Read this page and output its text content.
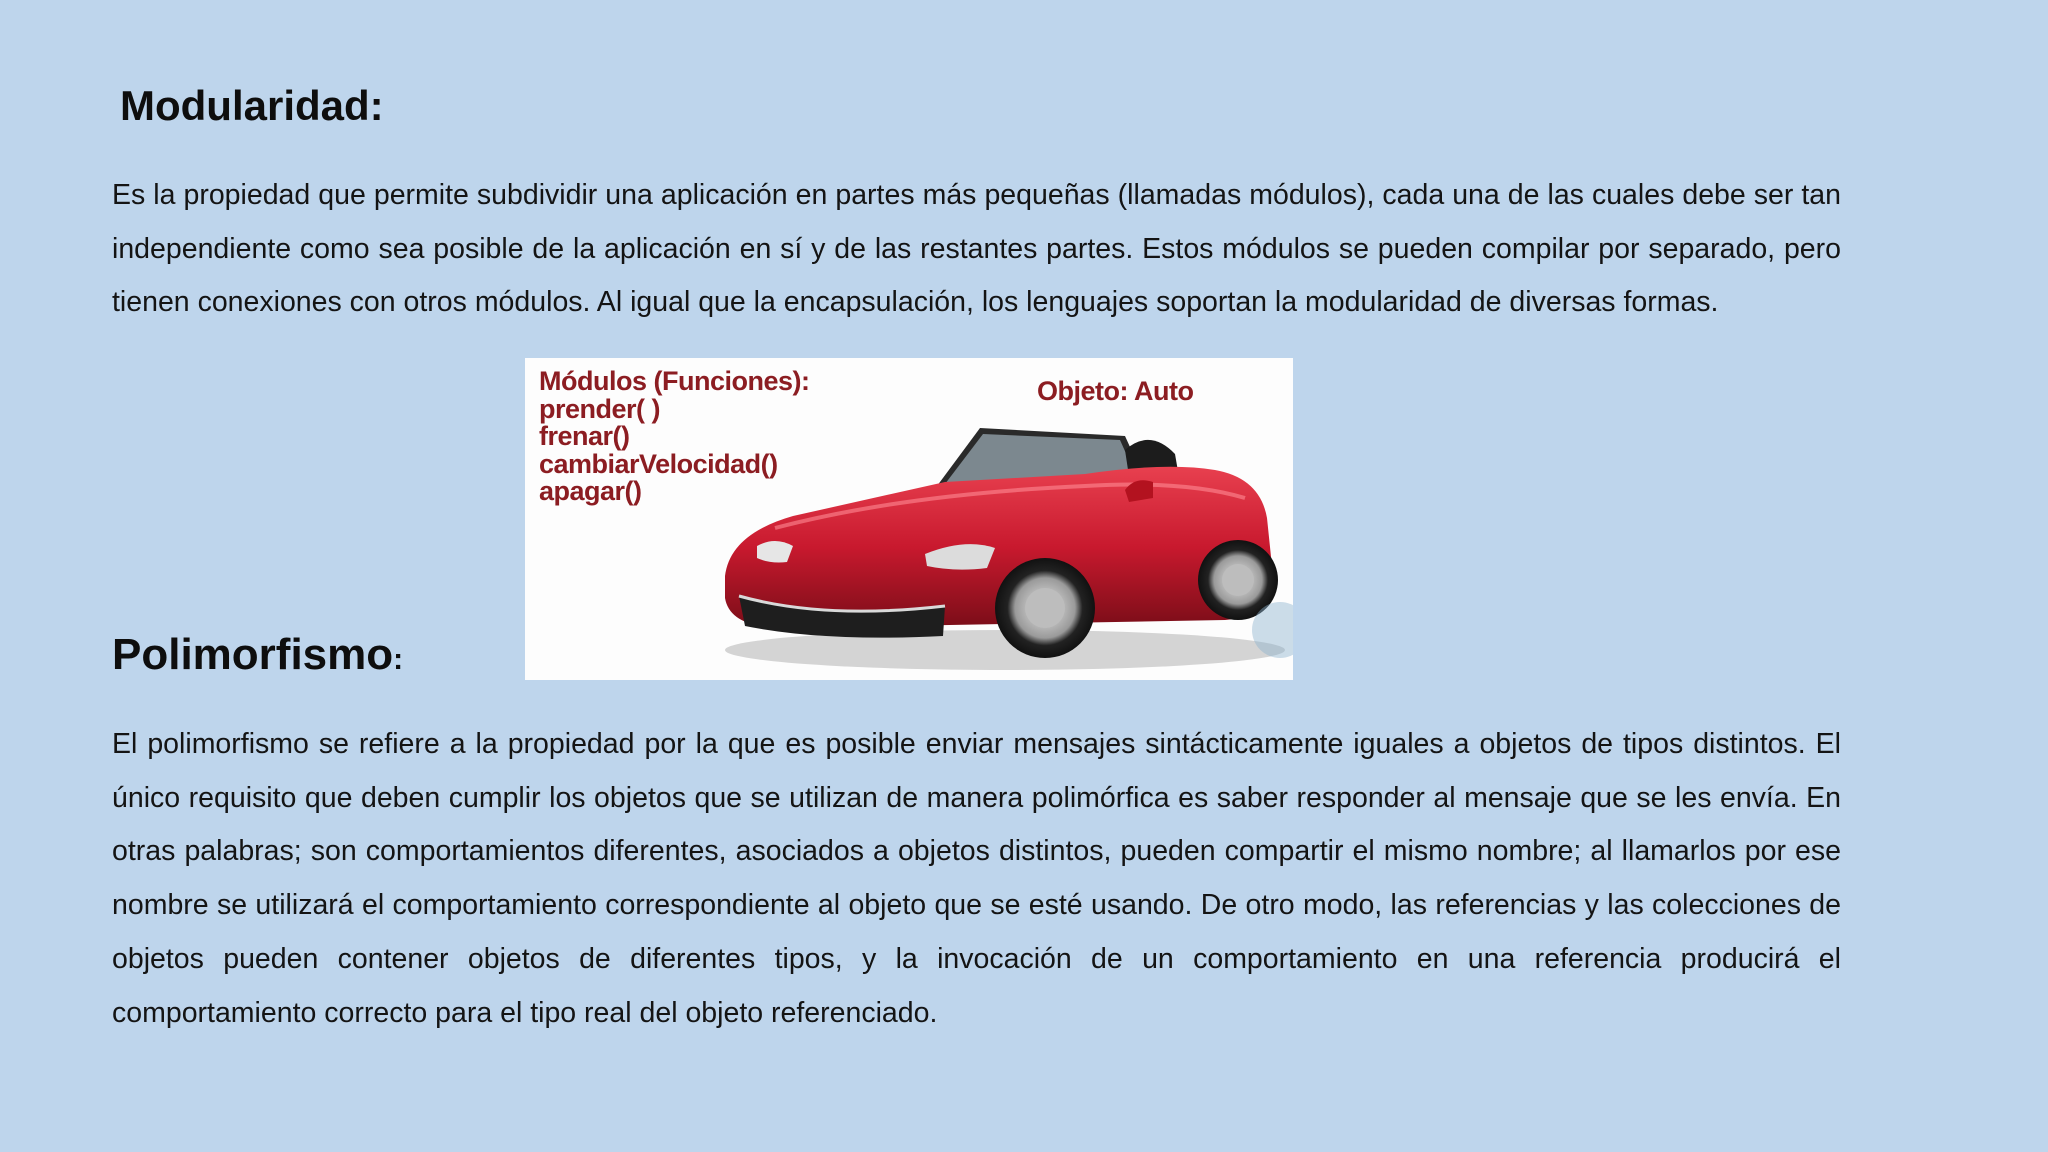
Modularidad:

Es la propiedad que permite subdividir una aplicación en partes más pequeñas (llamadas módulos), cada una de las cuales debe ser tan independiente como sea posible de la aplicación en sí y de las restantes partes. Estos módulos se pueden compilar por separado, pero tienen conexiones con otros módulos. Al igual que la encapsulación, los lenguajes soportan la modularidad de diversas formas.

Módulos (Funciones):
prender( )
frenar()
cambiarVelocidad()
apagar()
Objeto: Auto
Polimorfismo:

El polimorfismo se refiere a la propiedad por la que es posible enviar mensajes sintácticamente iguales a objetos de tipos distintos. El único requisito que deben cumplir los objetos que se utilizan de manera polimórfica es saber responder al mensaje que se les envía. En otras palabras; son comportamientos diferentes, asociados a objetos distintos, pueden compartir el mismo nombre; al llamarlos por ese nombre se utilizará el comportamiento correspondiente al objeto que se esté usando. De otro modo, las referencias y las colecciones de objetos pueden contener objetos de diferentes tipos, y la invocación de un comportamiento en una referencia producirá el comportamiento correcto para el tipo real del objeto referenciado.
